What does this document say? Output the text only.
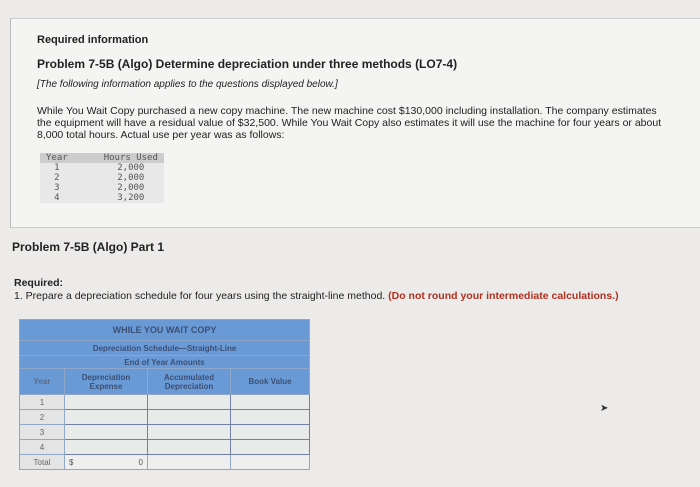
Required information
Problem 7-5B (Algo) Determine depreciation under three methods (LO7-4)
[The following information applies to the questions displayed below.]
While You Wait Copy purchased a new copy machine. The new machine cost $130,000 including installation. The company estimates the equipment will have a residual value of $32,500. While You Wait Copy also estimates it will use the machine for four years or about 8,000 total hours. Actual use per year was as follows:
Year	Hours Used
1	2,000
2	2,000
3	2,000
4	3,200
Problem 7-5B (Algo) Part 1
Required:
1. Prepare a depreciation schedule for four years using the straight-line method. (Do not round your intermediate calculations.)
WHILE YOU WAIT COPY			
Depreciation Schedule—Straight-Line			
End of Year Amounts			
Year	Depreciation Expense	Accumulated Depreciation	Book Value
1			
2			
3			
4			
Total	$ 0		

➤
